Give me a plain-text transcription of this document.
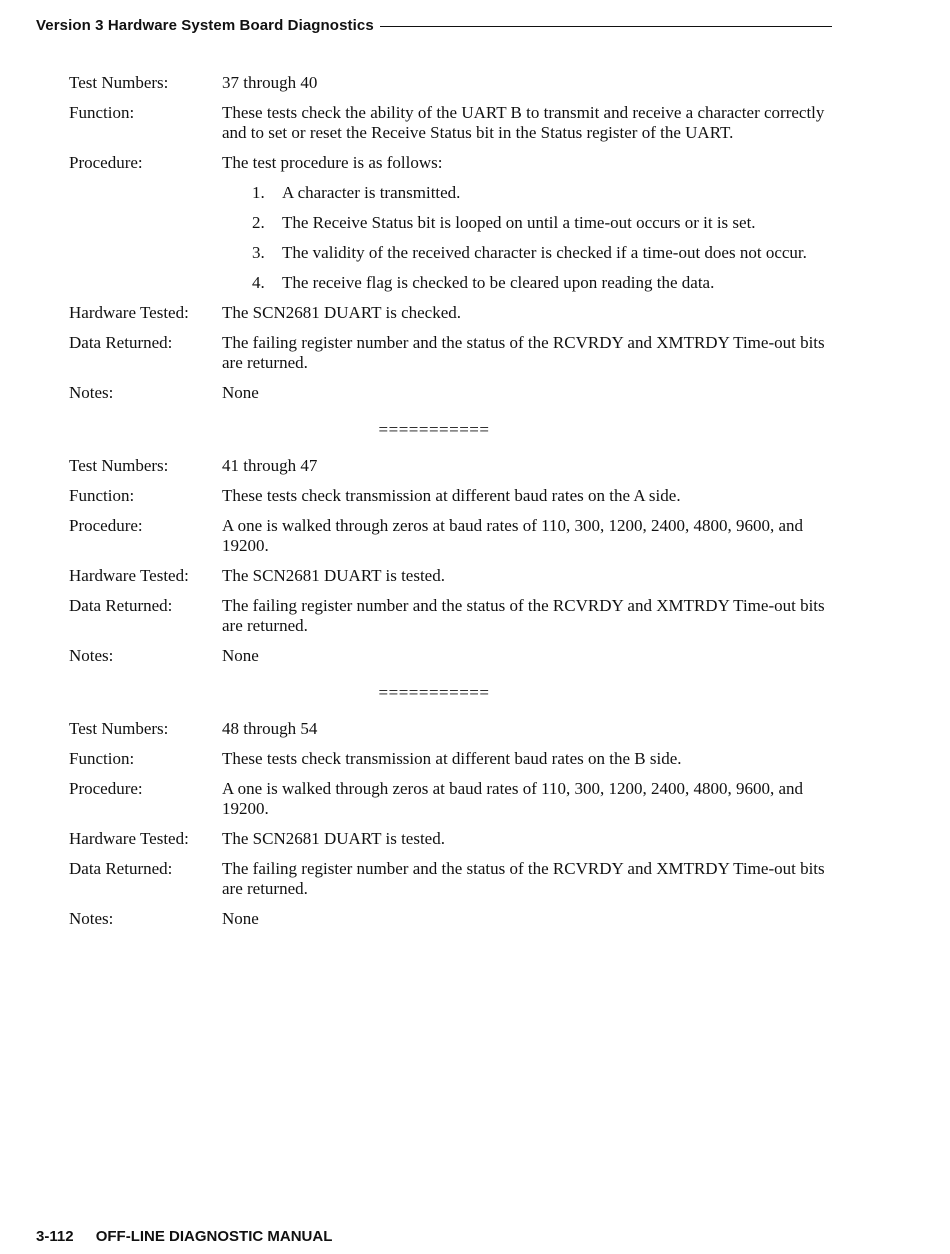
Version 3 Hardware System Board Diagnostics
Test Numbers:	37 through 40
Function:	These tests check the ability of the UART B to transmit and receive a character correctly and to set or reset the Receive Status bit in the Status register of the UART.
Procedure:	The test procedure is as follows:
1.	A character is transmitted.
2.	The Receive Status bit is looped on until a time-out occurs or it is set.
3.	The validity of the received character is checked if a time-out does not occur.
4.	The receive flag is checked to be cleared upon reading the data.
Hardware Tested:	The SCN2681 DUART is checked.
Data Returned:	The failing register number and the status of the RCVRDY and XMTRDY Time-out bits are returned.
Notes:	None
===========
Test Numbers:	41 through 47
Function:	These tests check transmission at different baud rates on the A side.
Procedure:	A one is walked through zeros at baud rates of 110, 300, 1200, 2400, 4800, 9600, and 19200.
Hardware Tested:	The SCN2681 DUART is tested.
Data Returned:	The failing register number and the status of the RCVRDY and XMTRDY Time-out bits are returned.
Notes:	None
===========
Test Numbers:	48 through 54
Function:	These tests check transmission at different baud rates on the B side.
Procedure:	A one is walked through zeros at baud rates of 110, 300, 1200, 2400, 4800, 9600, and 19200.
Hardware Tested:	The SCN2681 DUART is tested.
Data Returned:	The failing register number and the status of the RCVRDY and XMTRDY Time-out bits are returned.
Notes:	None
3-112 OFF-LINE DIAGNOSTIC MANUAL
